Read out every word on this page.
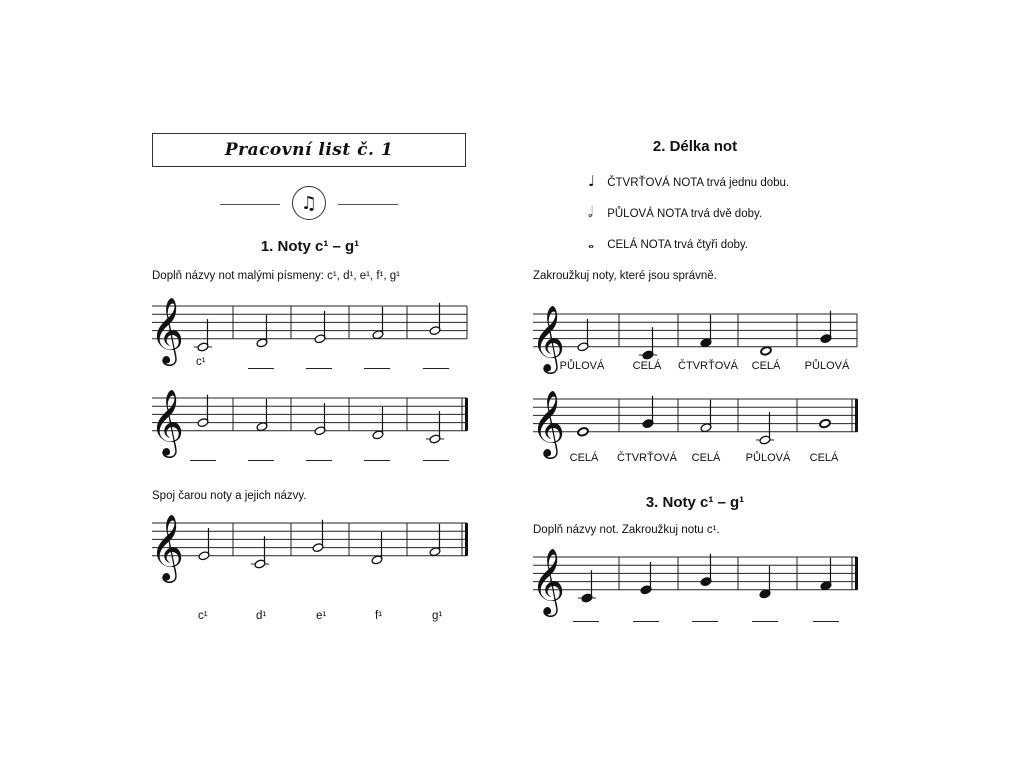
Pracovní list č. 1
♫
1. Noty c¹ – g¹
Doplň názvy not malými písmeny: c¹, d¹, e¹, f¹, g¹
𝄞
𝄞
𝄞
𝄞
𝄞
𝄞
c¹
Spoj čarou noty a jejich názvy.
c¹	d¹	e¹	f¹	g¹
2. Délka not
♩ ČTVRŤOVÁ NOTA trvá jednu dobu.
𝅗𝅥 PŮLOVÁ NOTA trvá dvě doby.
𝅝 CELÁ NOTA trvá čtyři doby.
Zakroužkuj noty, které jsou správně.
PŮLOVÁ	CELÁ	ČTVRŤOVÁ	CELÁ	PŮLOVÁ
CELÁ	ČTVRŤOVÁ	CELÁ	PŮLOVÁ	CELÁ
3. Noty c¹ – g¹
Doplň názvy not. Zakroužkuj notu c¹.
